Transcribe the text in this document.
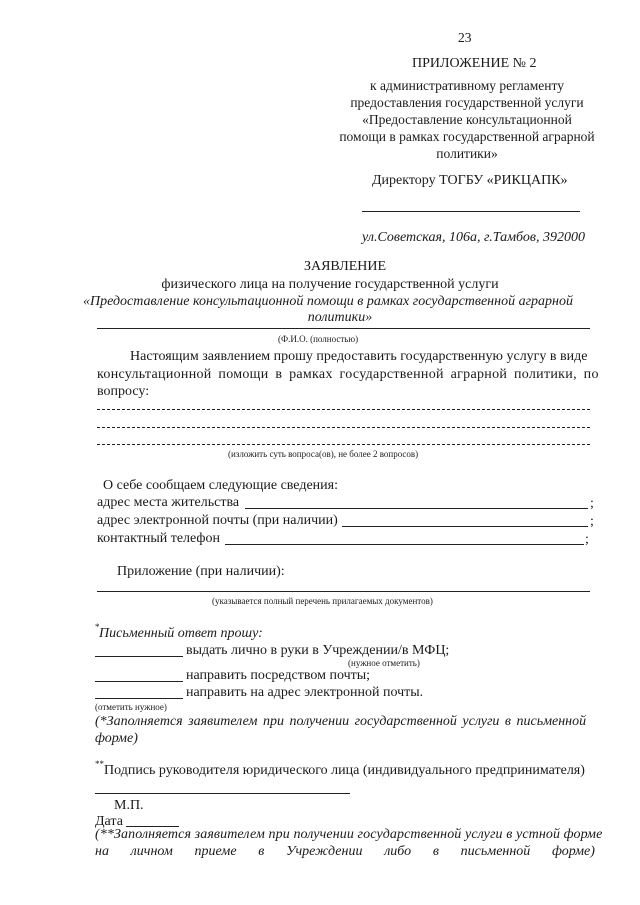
23
ПРИЛОЖЕНИЕ № 2
к административному регламенту
предоставления государственной услуги
«Предоставление консультационной
помощи в рамках государственной аграрной
политики»
Директору ТОГБУ «РИКЦАПК»
ул.Советская, 106а, г.Тамбов, 392000
ЗАЯВЛЕНИЕ
физического лица на получение государственной услуги
«Предоставление консультационной помощи в рамках государственной аграрной
политики»
(Ф.И.О. (полностью)
Настоящим заявлением прошу предоставить государственную услугу в виде
консультационной помощи в рамках государственной аграрной политики, по
вопросу:
(изложить суть вопроса(ов), не более 2 вопросов)
О себе сообщаем следующие сведения:
адрес места жительства	;
адрес электронной почты (при наличии)	;
контактный телефон	;
Приложение (при наличии):
(указывается полный перечень прилагаемых документов)
* Письменный ответ прошу:
выдать лично в руки в Учреждении/в МФЦ;
(нужное отметить)
направить посредством почты;
направить на адрес электронной почты.
(отметить нужное)
(*Заполняется заявителем при получении государственной услуги в письменной
форме)
** Подпись руководителя юридического лица (индивидуального предпринимателя)
М.П.
Дата
(**Заполняется заявителем при получении государственной услуги в устной форме
на личном приеме в Учреждении либо в письменной форме)
